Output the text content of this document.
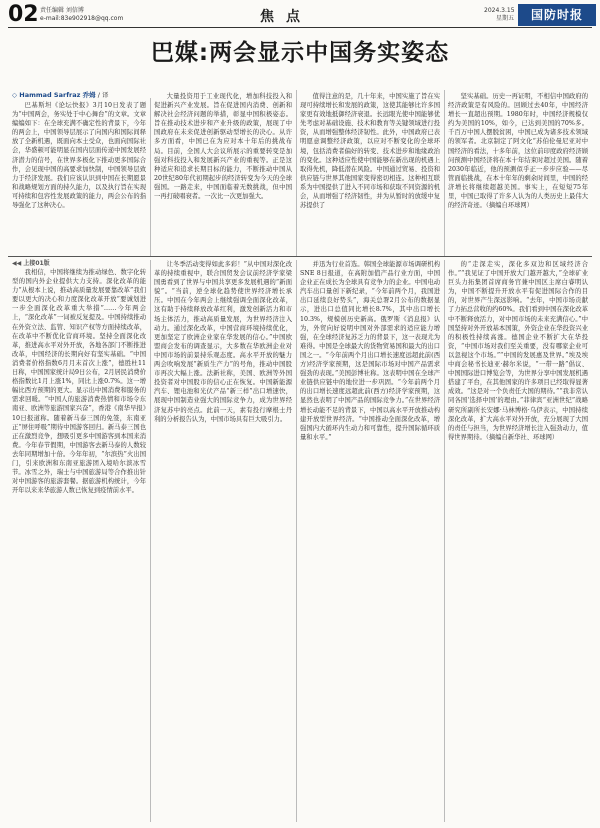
02 责任编辑 刘信博
e-mail:83e902918@qq.com	焦点	2024.3.15
星期五	国防时报
巴媒:两会显示中国务实姿态
◇ Hammad Sarfraz 乔姆 / 译

巴基斯坦《论坛快报》3月10日发表了题为“中国两会，务实处于中心舞台”的文章。文章编编如下：在全球充满不确定性的背景下，今年的两会上，中国领导层展示了向国内和国际间释放了全新机遇，既面向本土受众，也面向国际社会，华盛顿可能明显在国内层面传递中国发展经济潜力的信号，在世界多极化下推动更多国际合作，会见现中国的高要求加快制，中国领导层致力于经济发展。我们应该认识到中国在长期愿景和战略规划方面的持久能力，以及执行旨在实现可持续和包容性发展政策的能力，两会公布的指导强化了这种决心。

大量投资用于工业现代化，增加科技投入和促进新兴产业发展。旨在促进国内消费、创新和解决社会经济问题的举措，彰显中国积极姿态。旨在推动技术进步和产业升级的政策，展现了中国政府在未来促进创新驱动型增长的决心。从许多方面看，中国已在为应对本十年后的挑战布局。目前，全国人大会议所展示的重要转变是加强对科技投入和发展新兴产业的重视等。正是这种适应和追求长期目标的能力，不断推动中国从20世纪80年代初期起步的经济转变为今天的全球强国。一路走来，中国面临着无数挑战，但中国一再打破唱衰者。一次比一次更加强大。

值得注意的是，几十年来，中国实施了旨在实现可持续增长和发展的政策，这使其能够比许多国家更有效地抵御经济衰退。长远眼光使中国能够优先考虑对基础设施、技术和教育等关键领域进行投资，从而增强整体经济韧性。此外，中国政府已表明愿意调整经济政策，以应对不断变化的全球环境，包括消费者偏好的转变、技术进步和地缘政治的变化。这种适应性使中国能够在新出现的机遇上取得先机，降低潜在风险。中国通过贸易、投资和供应链与世界其他国家变得密切相连。这种相互联系为中国提供了进入不同市场和获取不同资源的机会，从而增强了经济韧性，并为从暂时的放缓中复苏提供了

坚实基础。历史一再证明，不相信中国政府的经济政策是有风险的。回顾过去40年，中国经济增长一直超出预期。1980年时，中国经济规模仅约为美国的10%，如今，已达到美国的70%多。千百万中国人摆脱贫困，中国已成为诸多技术领域的领军者。北京制定了阿文化“苏伯伦曼尼亚对中国经济的看法，十多年前，这位前印度政府经济顾问预测中国经济将在本十年结束时超过美国。随着2030年临近，他的预测似乎正一步步应验——尽管面临挑战，在本十年年的剩余时间里，中国的经济增长将继续超越美国。事实上，在短短75年里，中国已取得了许多人认为的人类历史上最伟大的经济奇迹。（摘编自环球网）

◀◀ 上接01版

我相信，中国将继续为推动绿色、数字化转型的国内外企业提供大力支持。深化改革的能力“从根本上说，推动高质量发展要靠改革”我们要以更大的决心和力度深化改革开放“要诚划进一步全面深化改革重大举措”……今年两会上，“深化改革”一词被反复提及。中国持续推动在外资立法、监管、知识产权等方面持续改革，在改革中不断优化营商环境。坚持全面深化改革，推进高水平对外开放，各地各部门不断推进改革，中国经济的长期向好有坚实基础。“中国消费者价格指数6月月末首次上涨”，德胜杜11日称，中国国家统计局9日公布，2月居民消费价格指数比1月上涨1%，同比上涨0.7%。这一增幅比西方预期的更大。显示出中国消费和服务的需求回暖。“中国人的旅游消费热情和市场令东南亚、欧洲等旅游国家兴奋”，香港《南华早报》10日报道称。随着新马泰三国的免签，东南亚正“屏住呼吸”期待中国游客回归。新马泰三国也正在激烈竞争，想吸引更多中国游客到本国来消费。今年春节假期，中国游客去新马泰的人数较去年同期增加十倍。今年年初，“尔滨热”火出国门，引来欧洲和东南亚旅游团入境哈尔滨冰雪节。冰雪之外，瑞士与中国旅游局等合作推出针对中国游客的旅游套餐。据旅游机构统计，今年开年以来来华旅游人数已恢复到疫情前水平。

让冬季活动变得如此多彩！”从中国对深化改革的持续重视中，联合国贸发会议前经济学家梁国勇看到了世界与中国共享更多发展机遇的“新面貌”。“当前，逆全球化趋势使世界经济增长承压。中国在今年两会上继续强调全面深化改革，这有助于持续释放改革红利，激发创新活力和市场主体活力，推动高质量发展，为世界经济注入动力。通过深化改革，中国营商环境持续优化，更加坚定了欧洲企业家在华发展的信心。”中国欧盟商会发布的调查显示，大多数在华欧洲企业对中国市场的前景持乐观态度。高水平开放的魅力两会吹响发展“新质生产力”的号角，推动中国股市再次大幅上涨。法新社称，美国、欧洲等外国投资者对中国股市的信心正在恢复。中国新能源汽车、锂电池和光伏产品“新三样”出口增速快，展现中国制造业强大的国际竞争力，成为世界经济复苏中的亮点。此前一天，素有投行摩根士丹利的分析报告认为，中国市场具有巨大吸引力。

并迅为行业首选。韩国全球能源市场调研机构SNE 8日报道，在高附加值产品行业方面，中国企业正在成长为全球具有竞争力的企业。中国电动汽车出口量创下新纪录，“今年前两个月，我国进出口延续良好势头”，海关总署2月公布的数据显示，进出口总值同比增长8.7%，其中出口增长10.3%，规模创历史新高。俄罗斯《消息报》认为，外贸向好说明中国对外部需求的适应能力增强，在全球经济复苏乏力的背景下，这一表现尤为难得。中国是全球最大的货物贸易国和最大的出口国之一。“今年前两个月出口增长速度远超此前(西方)经济学家预期，这是国际市场对中国产品需求强劲的表现。”美国彭博社称。这表明中国在全球产业链供应链中的地位进一步巩固。“今年前两个月的出口增长速度远超此前(西方)经济学家预期，这显然也表明了中国产品的国际竞争力。”在世界经济增长动能不足的背景下，中国以高水平开放推动构建开放型世界经济。“中国推动全面深化改革，增强国内大循环内生动力和可靠性，提升国际循环质量和水平。”

的“走深走实，深化多双边和区域经济合作。”“我见证了中国开放大门越开越大，”全球矿业巨头力拓集团首席商务官兼中国区主席白睿明认为，中国不断提升开放水平有促进国际合作的目的，对世界产生深远影响。“去年，中国市场贡献了力拓总营收的约60%。我们看到中国在深化改革中不断释放活力，对中国市场的未来充满信心。”中国坚持对外开放基本国策，外资企业在华投资兴业的积极性持续高涨。德国企业不断扩大在华投资，“中国市场对我们至关重要，没有哪家企业可以忽视这个市场。”“中国的发展惠及世界。”埃及埃中商会秘书长迪亚·赫尔米说，“一带一路”倡议、中国国际进口博览会等，为世界分享中国发展机遇搭建了平台，在其他国家的许多项目已经取得显著成效。“这是对一个负责任大国的期待。”“我非常认同各国‘选择中国’的理由。”菲律宾“亚洲世纪”战略研究所副所长安娜·马林博格·乌伊表示，中国持续深化改革，扩大高水平对外开放，充分展现了大国的责任与担当，为世界经济增长注入强劲动力，值得世界期待。（摘编自新华社、环球网）
